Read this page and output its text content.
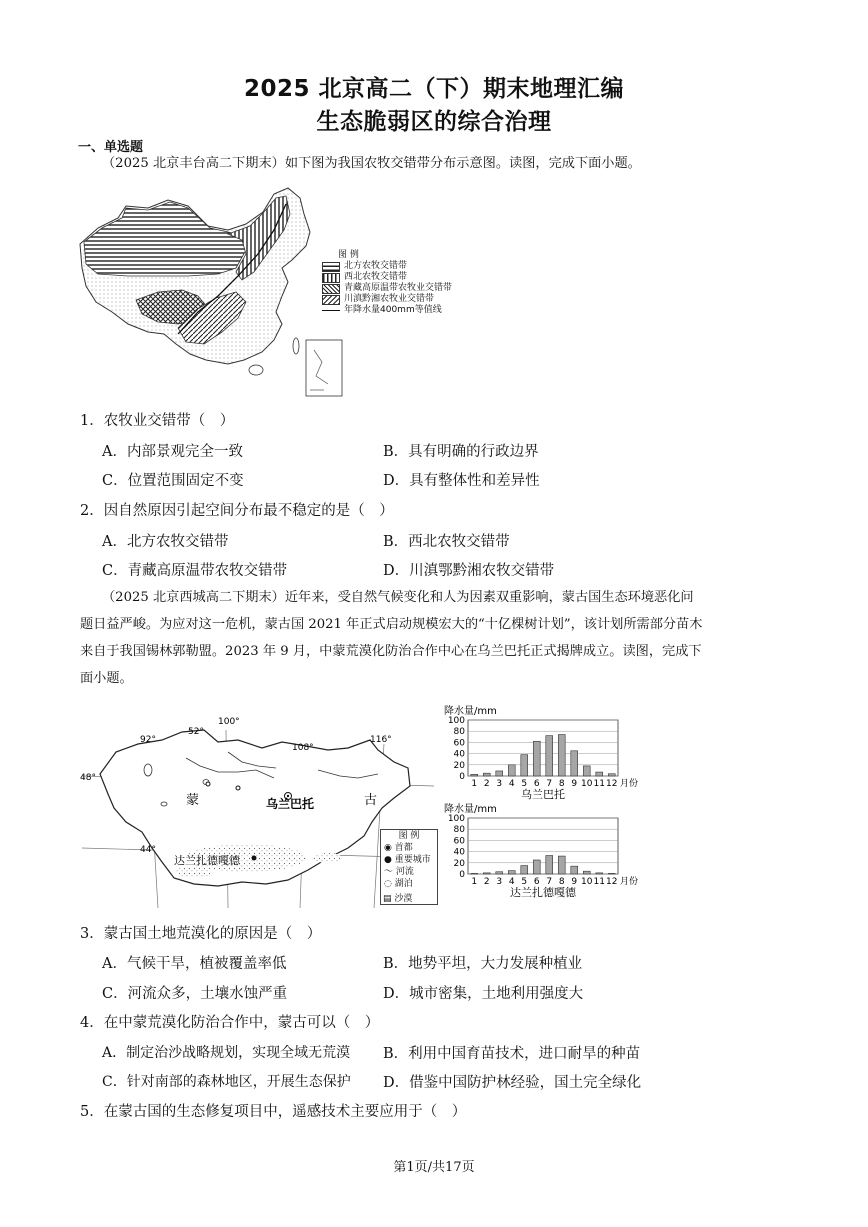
2025 北京高二（下）期末地理汇编
生态脆弱区的综合治理
一、单选题
（2025 北京丰台高二下期末）如下图为我国农牧交错带分布示意图。读图，完成下面小题。
图 例
北方农牧交错带
西北农牧交错带
青藏高原温带农牧业交错带
川滇黔湘农牧业交错带
年降水量400mm等值线
1．农牧业交错带（　）
A．内部景观完全一致	B．具有明确的行政边界
C．位置范围固定不变	D．具有整体性和差异性
2．因自然原因引起空间分布最不稳定的是（　）
A．北方农牧交错带	B．西北农牧交错带
C．青藏高原温带农牧交错带	D．川滇鄂黔湘农牧交错带
（2025 北京西城高二下期末）近年来，受自然气候变化和人为因素双重影响，蒙古国生态环境恶化问
题日益严峻。为应对这一危机，蒙古国 2021 年正式启动规模宏大的“十亿棵树计划”，该计划所需部分苗木
来自于我国锡林郭勒盟。2023 年 9 月，中蒙荒漠化防治合作中心在乌兰巴托正式揭牌成立。读图，完成下
面小题。
92°
52°
100°
108°
116°
48°
44°
蒙	古
乌兰巴托
达兰扎德嘎德
图 例
◉ 首都
● 重要城市
〜 河流
◌ 湖泊
▤ 沙漠
降水量/mm
0
20
40
60
80
100
1 2 3 4 5 6 7 8 9 10 11 12 月份
乌兰巴托
降水量/mm
0
20
40
60
80
100
1 2 3 4 5 6 7 8 9 10 11 12 月份
达兰扎德嘎德
3．蒙古国土地荒漠化的原因是（　）
A．气候干旱，植被覆盖率低	B．地势平坦，大力发展种植业
C．河流众多，土壤水蚀严重	D．城市密集，土地利用强度大
4．在中蒙荒漠化防治合作中，蒙古可以（　）
A．制定治沙战略规划，实现全域无荒漠 B．利用中国育苗技术，进口耐旱的种苗
C．针对南部的森林地区，开展生态保护 D．借鉴中国防护林经验，国土完全绿化
5．在蒙古国的生态修复项目中，遥感技术主要应用于（　）
第1页/共17页
